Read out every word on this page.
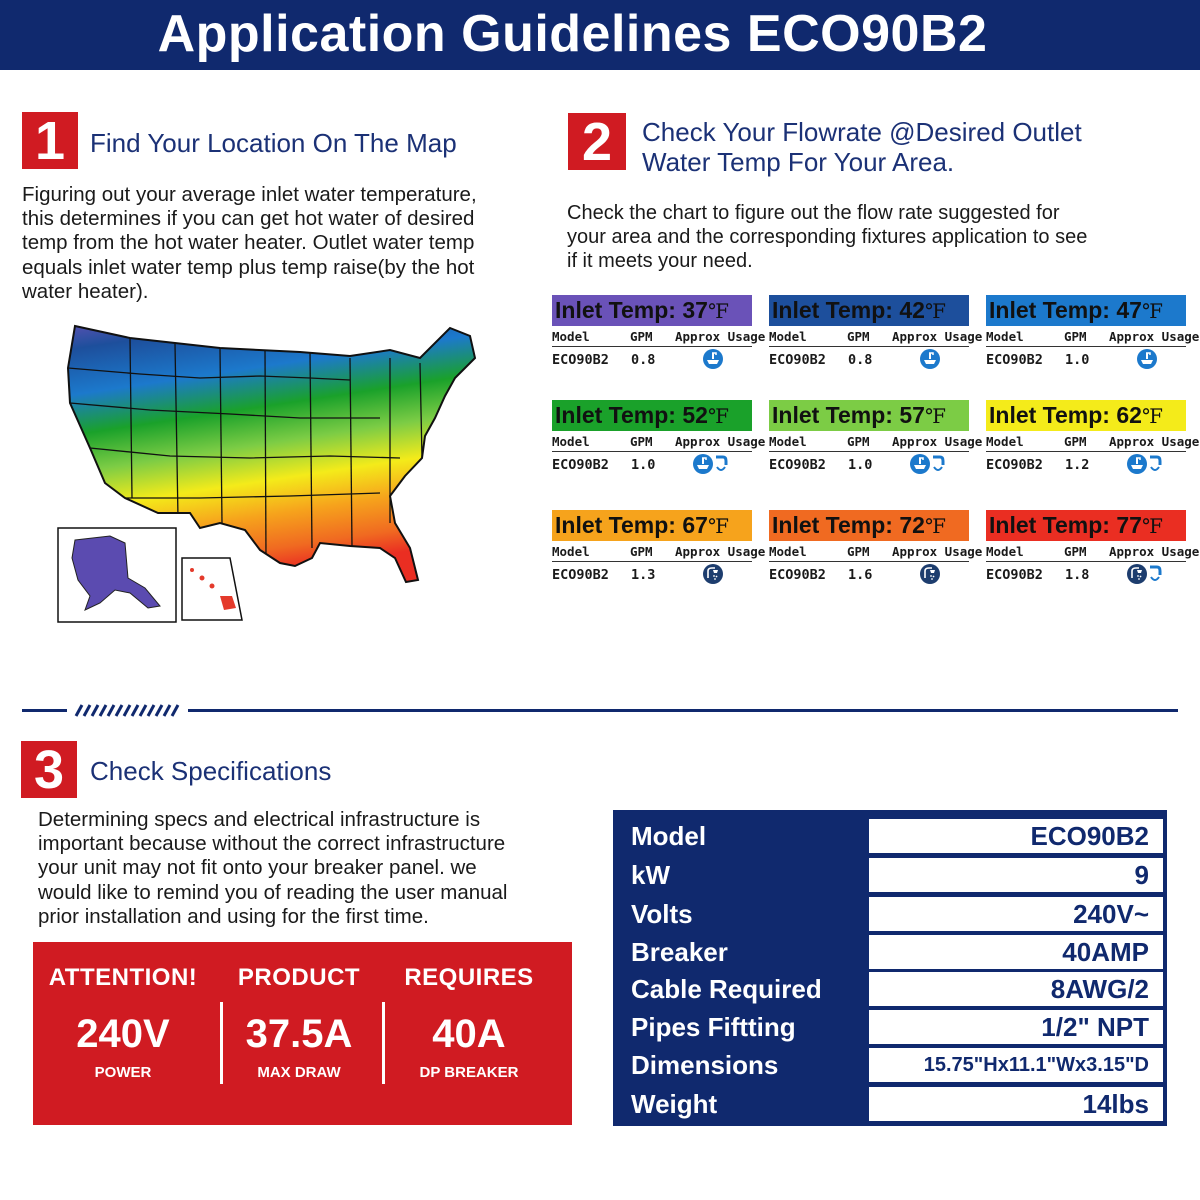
Application Guidelines ECO90B2
1 Find Your Location On The Map
Figuring out your average inlet water temperature,
this determines if you can get hot water of desired
temp from the hot water heater. Outlet water temp
equals inlet water temp plus temp raise(by the hot
water heater).
2	Check Your Flowrate @Desired Outlet
Water Temp For Your Area.
Check the chart to figure out the flow rate suggested for
your area and the corresponding fixtures application to see
if it meets your need.
Inlet Temp: 37℉
Model	GPM Approx Usage
ECO90B2 0.8
Inlet Temp: 42℉
Model	GPM Approx Usage
ECO90B2 0.8
Inlet Temp: 47℉
Model	GPM Approx Usage
ECO90B2 1.0
Inlet Temp: 52℉
Model	GPM Approx Usage
ECO90B2 1.0
Inlet Temp: 57℉
Model	GPM Approx Usage
ECO90B2 1.0
Inlet Temp: 62℉
Model	GPM Approx Usage
ECO90B2 1.2
Inlet Temp: 67℉
Model	GPM Approx Usage
ECO90B2 1.3
Inlet Temp: 72℉
Model	GPM Approx Usage
ECO90B2 1.6
Inlet Temp: 77℉
Model	GPM Approx Usage
ECO90B2 1.8
3 Check Specifications
Determining specs and electrical infrastructure is
important because without the correct infrastructure
your unit may not fit onto your breaker panel. we
would like to remind you of reading the user manual
prior installation and using for the first time.
ATTENTION!
240V
POWER
PRODUCT
37.5A
MAX DRAW
REQUIRES
40A
DP BREAKER
Model	ECO90B2
kW	9
Volts	240V~
Breaker	40AMP
Cable Required	8AWG/2
Pipes Fiftting	1/2" NPT
Dimensions	15.75"Hx11.1"Wx3.15"D
Weight	14lbs
